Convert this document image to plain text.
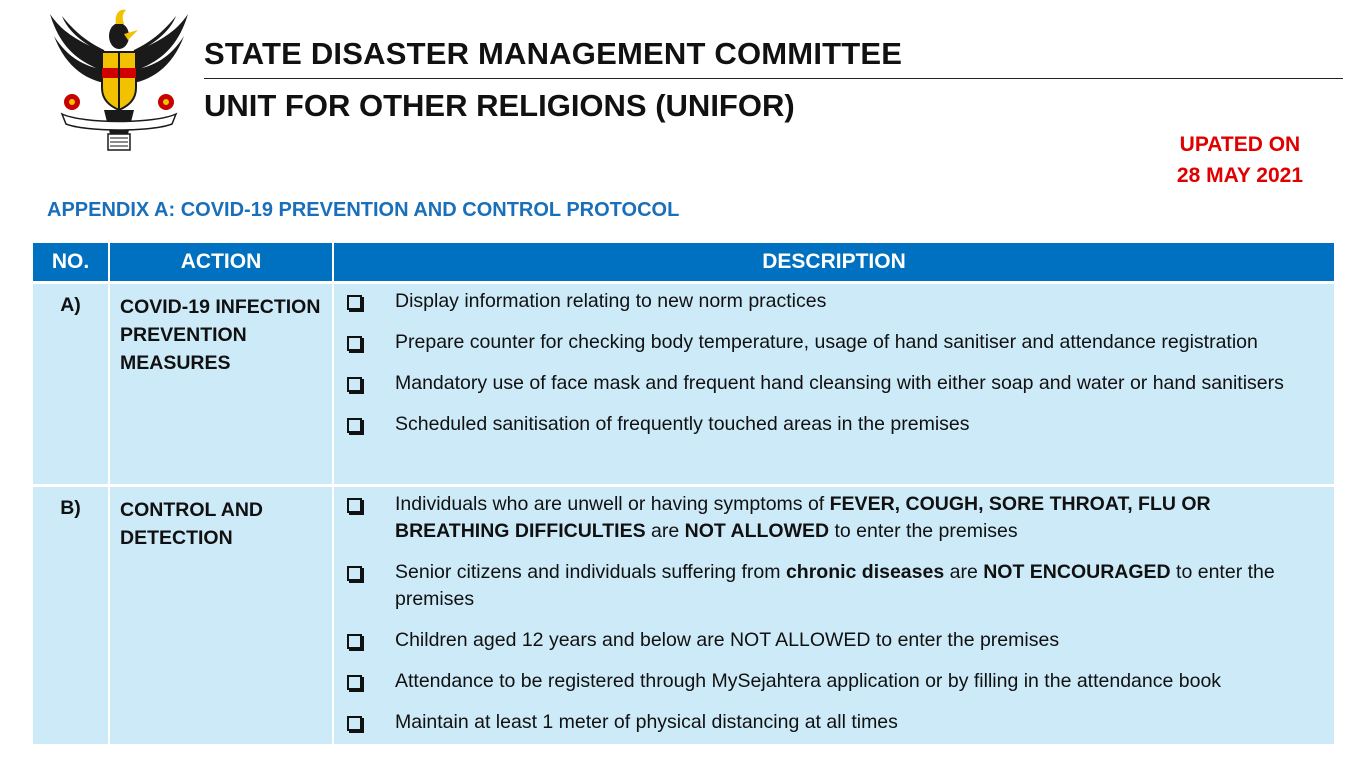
STATE DISASTER MANAGEMENT COMMITTEE
UNIT FOR OTHER RELIGIONS (UNIFOR)
UPATED ON
28 MAY 2021
APPENDIX A: COVID-19 PREVENTION AND CONTROL PROTOCOL
NO.	ACTION	DESCRIPTION
A)	COVID-19 INFECTION PREVENTION MEASURES	Display information relating to new norm practices
Prepare counter for checking body temperature, usage of hand sanitiser and attendance registration
Mandatory use of face mask and frequent hand cleansing with either soap and water or hand sanitisers
Scheduled sanitisation of frequently touched areas in the premises

B)	CONTROL AND DETECTION	Individuals who are unwell or having symptoms of FEVER, COUGH, SORE THROAT, FLU OR BREATHING DIFFICULTIES are NOT ALLOWED to enter the premises
Senior citizens and individuals suffering from chronic diseases are NOT ENCOURAGED to enter the premises
Children aged 12 years and below are NOT ALLOWED to enter the premises
Attendance to be registered through MySejahtera application or by filling in the attendance book
Maintain at least 1 meter of physical distancing at all times
